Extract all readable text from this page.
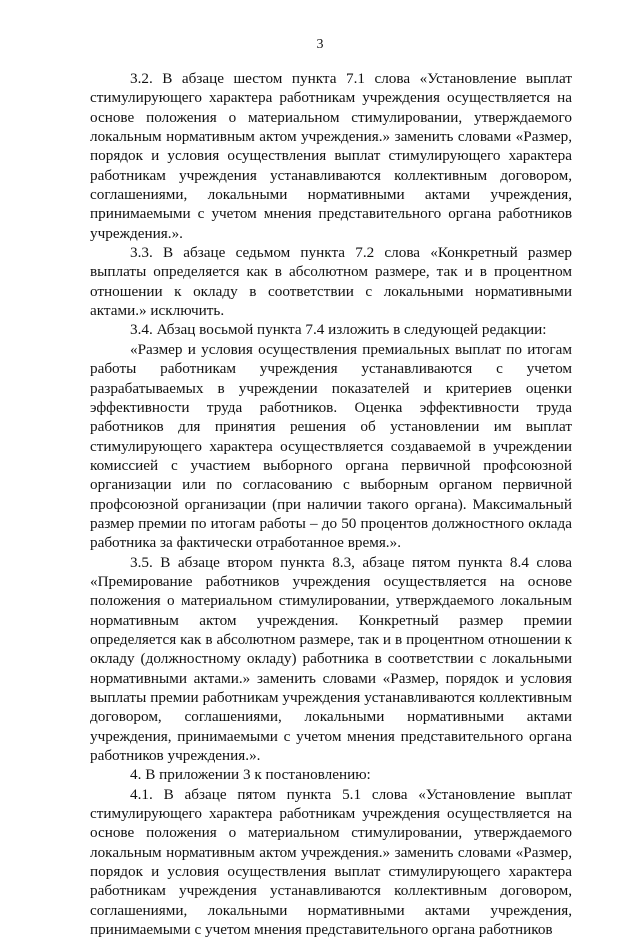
3

3.2. В абзаце шестом пункта 7.1 слова «Установление выплат стимулирующего характера работникам учреждения осуществляется на основе положения о материальном стимулировании, утверждаемого локальным нормативным актом учреждения.» заменить словами «Размер, порядок и условия осуществления выплат стимулирующего характера работникам учреждения устанавливаются коллективным договором, соглашениями, локальными нормативными актами учреждения, принимаемыми с учетом мнения представительного органа работников учреждения.».

3.3. В абзаце седьмом пункта 7.2 слова «Конкретный размер выплаты определяется как в абсолютном размере, так и в процентном отношении к окладу в соответствии с локальными нормативными актами.» исключить.

3.4. Абзац восьмой пункта 7.4 изложить в следующей редакции:

«Размер и условия осуществления премиальных выплат по итогам работы работникам учреждения устанавливаются с учетом разрабатываемых в учреждении показателей и критериев оценки эффективности труда работников. Оценка эффективности труда работников для принятия решения об установлении им выплат стимулирующего характера осуществляется создаваемой в учреждении комиссией с участием выборного органа первичной профсоюзной организации или по согласованию с выборным органом первичной профсоюзной организации (при наличии такого органа). Максимальный размер премии по итогам работы – до 50 процентов должностного оклада работника за фактически отработанное время.».

3.5. В абзаце втором пункта 8.3, абзаце пятом пункта 8.4 слова «Премирование работников учреждения осуществляется на основе положения о материальном стимулировании, утверждаемого локальным нормативным актом учреждения. Конкретный размер премии определяется как в абсолютном размере, так и в процентном отношении к окладу (должностному окладу) работника в соответствии с локальными нормативными актами.» заменить словами «Размер, порядок и условия выплаты премии работникам учреждения устанавливаются коллективным договором, соглашениями, локальными нормативными актами учреждения, принимаемыми с учетом мнения представительного органа работников учреждения.».

4. В приложении 3 к постановлению:

4.1. В абзаце пятом пункта 5.1 слова «Установление выплат стимулирующего характера работникам учреждения осуществляется на основе положения о материальном стимулировании, утверждаемого локальным нормативным актом учреждения.» заменить словами «Размер, порядок и условия осуществления выплат стимулирующего характера работникам учреждения устанавливаются коллективным договором, соглашениями, локальными нормативными актами учреждения, принимаемыми с учетом мнения представительного органа работников
